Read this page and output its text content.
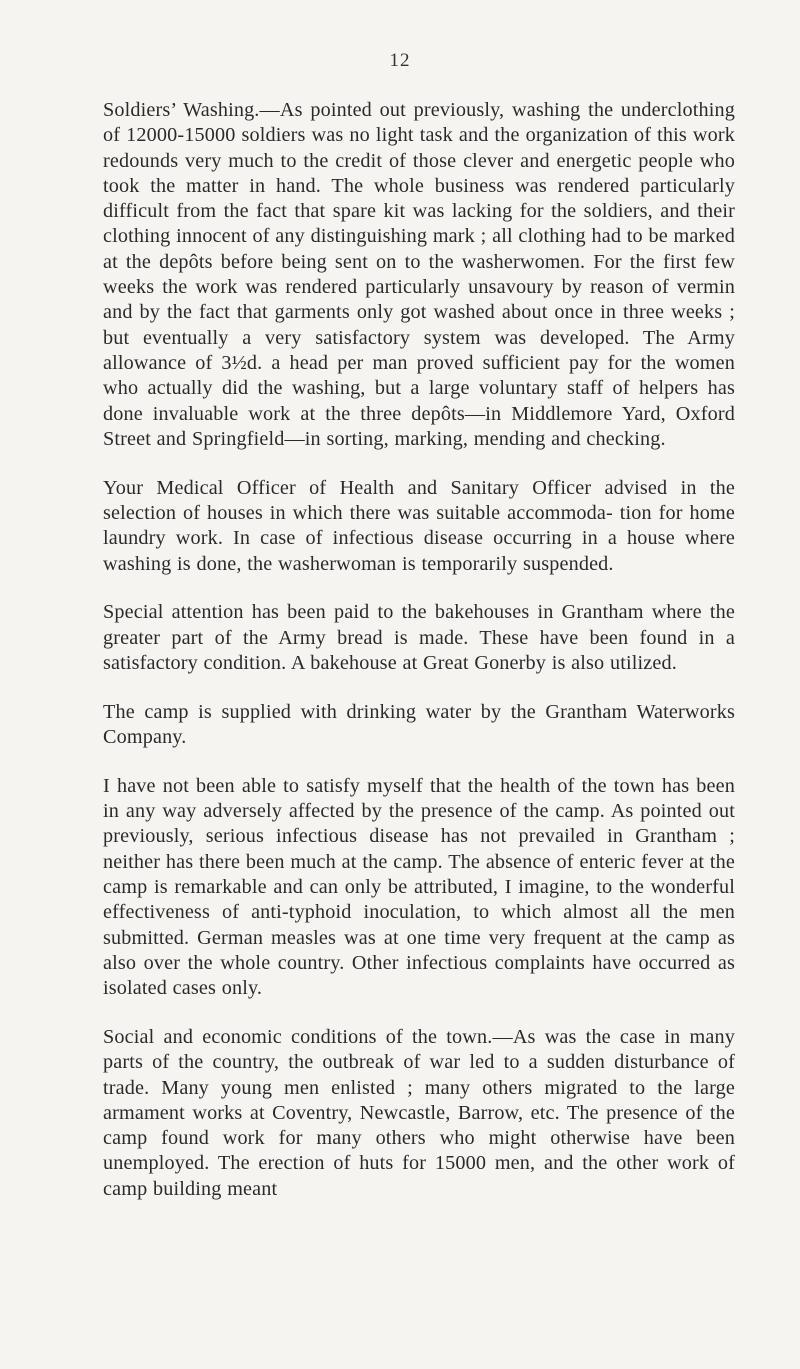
12

Soldiers’ Washing.—As pointed out previously, washing the underclothing of 12000-15000 soldiers was no light task and the organization of this work redounds very much to the credit of those clever and energetic people who took the matter in hand. The whole business was rendered particularly difficult from the fact that spare kit was lacking for the soldiers, and their clothing innocent of any distinguishing mark ; all clothing had to be marked at the depôts before being sent on to the washerwomen. For the first few weeks the work was rendered particularly unsavoury by reason of vermin and by the fact that garments only got washed about once in three weeks ; but eventually a very satisfactory system was developed. The Army allowance of 3½d. a head per man proved sufficient pay for the women who actually did the washing, but a large voluntary staff of helpers has done invaluable work at the three depôts—in Middlemore Yard, Oxford Street and Springfield—in sorting, marking, mending and checking.

Your Medical Officer of Health and Sanitary Officer advised in the selection of houses in which there was suitable accommoda- tion for home laundry work. In case of infectious disease occurring in a house where washing is done, the washerwoman is temporarily suspended.

Special attention has been paid to the bakehouses in Grantham where the greater part of the Army bread is made. These have been found in a satisfactory condition. A bakehouse at Great Gonerby is also utilized.

The camp is supplied with drinking water by the Grantham Waterworks Company.

I have not been able to satisfy myself that the health of the town has been in any way adversely affected by the presence of the camp. As pointed out previously, serious infectious disease has not prevailed in Grantham ; neither has there been much at the camp. The absence of enteric fever at the camp is remarkable and can only be attributed, I imagine, to the wonderful effectiveness of anti-typhoid inoculation, to which almost all the men submitted. German measles was at one time very frequent at the camp as also over the whole country. Other infectious complaints have occurred as isolated cases only.

Social and economic conditions of the town.—As was the case in many parts of the country, the outbreak of war led to a sudden disturbance of trade. Many young men enlisted ; many others migrated to the large armament works at Coventry, Newcastle, Barrow, etc. The presence of the camp found work for many others who might otherwise have been unemployed. The erection of huts for 15000 men, and the other work of camp building meant
